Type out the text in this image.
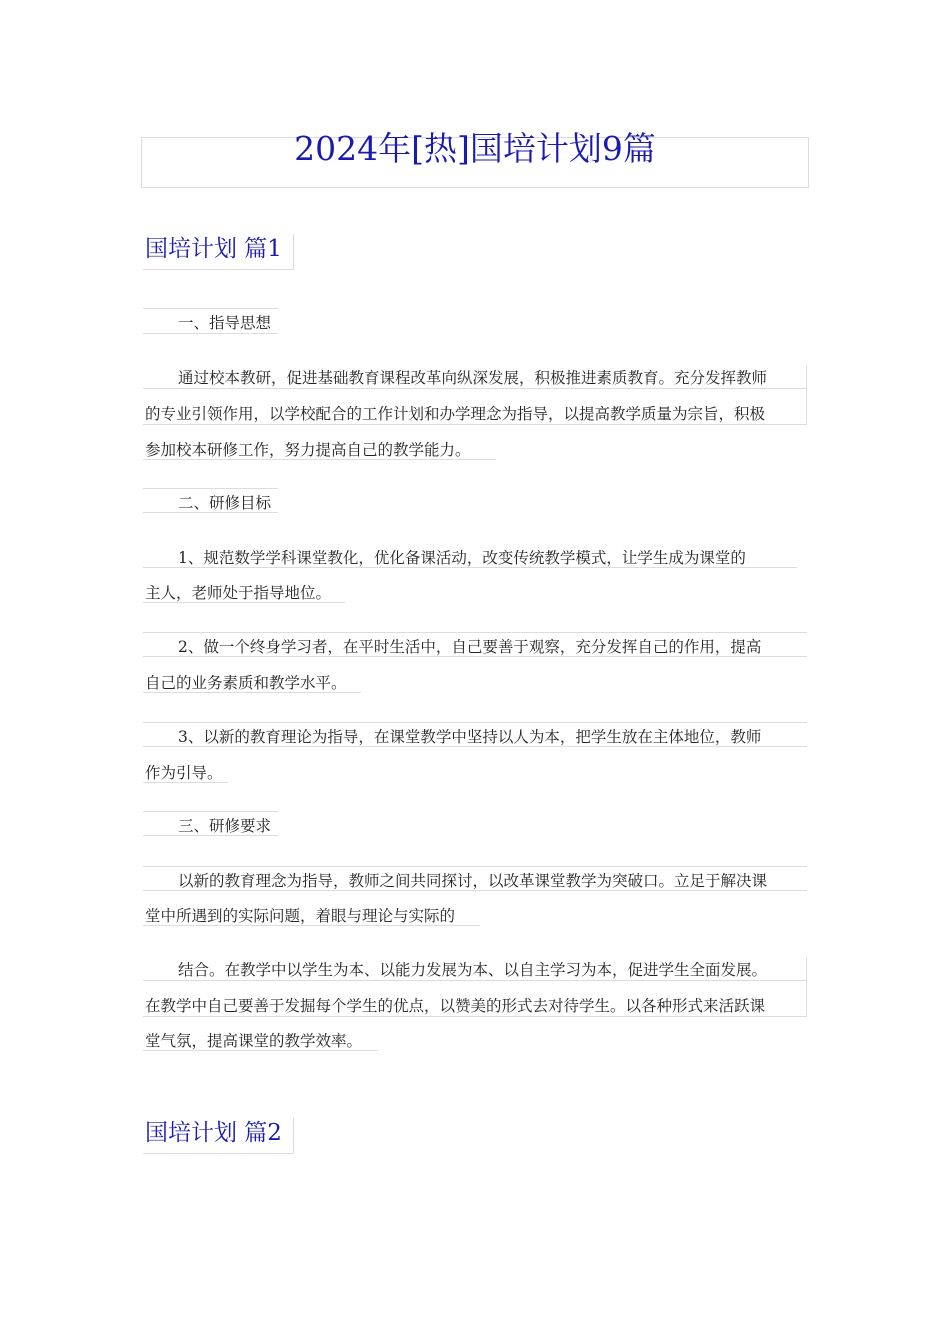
2024年[热]国培计划9篇
国培计划 篇1
一、指导思想
通过校本教研，促进基础教育课程改革向纵深发展，积极推进素质教育。充分发挥教师
的专业引领作用，以学校配合的工作计划和办学理念为指导，以提高教学质量为宗旨，积极
参加校本研修工作，努力提高自己的教学能力。
二、研修目标
1、规范数学学科课堂教化，优化备课活动，改变传统教学模式，让学生成为课堂的
主人，老师处于指导地位。
2、做一个终身学习者，在平时生活中，自己要善于观察，充分发挥自己的作用，提高
自己的业务素质和教学水平。
3、以新的教育理论为指导，在课堂教学中坚持以人为本，把学生放在主体地位，教师
作为引导。
三、研修要求
以新的教育理念为指导，教师之间共同探讨，以改革课堂教学为突破口。立足于解决课
堂中所遇到的实际问题，着眼与理论与实际的
结合。在教学中以学生为本、以能力发展为本、以自主学习为本，促进学生全面发展。
在教学中自己要善于发掘每个学生的优点，以赞美的形式去对待学生。以各种形式来活跃课
堂气氛，提高课堂的教学效率。
国培计划 篇2
